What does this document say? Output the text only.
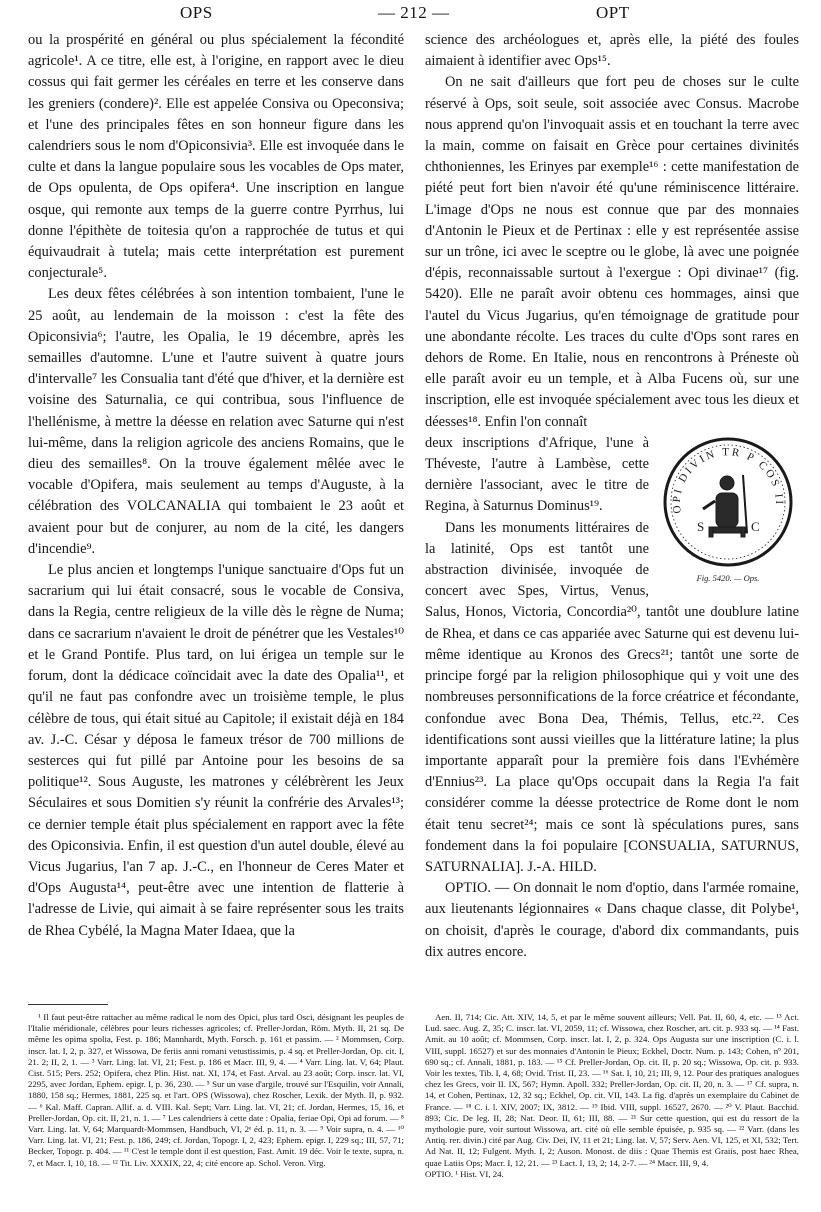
OPS	— 212 —	OPT

ou la prospérité en général ou plus spécialement la fécondité agricole¹. A ce titre, elle est, à l'origine, en rapport avec le dieu cossus qui fait germer les céréales en terre et les conserve dans les greniers (condere)². Elle est appelée Consiva ou Opeconsiva; et l'une des principales fêtes en son honneur figure dans les calendriers sous le nom d'Opiconsivia³. Elle est invoquée dans le culte et dans la langue populaire sous les vocables de Ops mater, de Ops opulenta, de Ops opifera⁴. Une inscription en langue osque, qui remonte aux temps de la guerre contre Pyrrhus, lui donne l'épithète de toitesia qu'on a rapprochée de tutus et qui équivaudrait à tutela; mais cette interprétation est purement conjecturale⁵.

Les deux fêtes célébrées à son intention tombaient, l'une le 25 août, au lendemain de la moisson : c'est la fête des Opiconsivia⁶; l'autre, les Opalia, le 19 décembre, après les semailles d'automne. L'une et l'autre suivent à quatre jours d'intervalle⁷ les Consualia tant d'été que d'hiver, et la dernière est voisine des Saturnalia, ce qui contribua, sous l'influence de l'hellénisme, à mettre la déesse en relation avec Saturne qui n'est lui-même, dans la religion agricole des anciens Romains, que le dieu des semailles⁸. On la trouve également mêlée avec le vocable d'Opifera, mais seulement au temps d'Auguste, à la célébration des VOLCANALIA qui tombaient le 23 août et avaient pour but de conjurer, au nom de la cité, les dangers d'incendie⁹.

Le plus ancien et longtemps l'unique sanctuaire d'Ops fut un sacrarium qui lui était consacré, sous le vocable de Consiva, dans la Regia, centre religieux de la ville dès le règne de Numa; dans ce sacrarium n'avaient le droit de pénétrer que les Vestales¹⁰ et le Grand Pontife. Plus tard, on lui érigea un temple sur le forum, dont la dédicace coïncidait avec la date des Opalia¹¹, et qu'il ne faut pas confondre avec un troisième temple, le plus célèbre de tous, qui était situé au Capitole; il existait déjà en 184 av. J.-C. César y déposa le fameux trésor de 700 millions de sesterces qui fut pillé par Antoine pour les besoins de sa politique¹². Sous Auguste, les matrones y célébrèrent les Jeux Séculaires et sous Domitien s'y réunit la confrérie des Arvales¹³; ce dernier temple était plus spécialement en rapport avec la fête des Opiconsivia. Enfin, il est question d'un autel double, élevé au Vicus Jugarius, l'an 7 ap. J.-C., en l'honneur de Ceres Mater et d'Ops Augusta¹⁴, peut-être avec une intention de flatterie à l'adresse de Livie, qui aimait à se faire représenter sous les traits de Rhea Cybélé, la Magna Mater Idaea, que la

science des archéologues et, après elle, la piété des foules aimaient à identifier avec Ops¹⁵.

On ne sait d'ailleurs que fort peu de choses sur le culte réservé à Ops, soit seule, soit associée avec Consus. Macrobe nous apprend qu'on l'invoquait assis et en touchant la terre avec la main, comme on faisait en Grèce pour certaines divinités chthoniennes, les Erinyes par exemple¹⁶ : cette manifestation de piété peut fort bien n'avoir été qu'une réminiscence littéraire. L'image d'Ops ne nous est connue que par des monnaies d'Antonin le Pieux et de Pertinax : elle y est représentée assise sur un trône, ici avec le sceptre ou le globe, là avec une poignée d'épis, reconnaissable surtout à l'exergue : Opi divinae¹⁷ (fig. 5420). Elle ne paraît avoir obtenu ces hommages, ainsi que l'autel du Vicus Jugarius, qu'en témoignage de gratitude pour une abondante récolte. Les traces du culte d'Ops sont rares en dehors de Rome. En Italie, nous en rencontrons à Préneste où elle paraît avoir eu un temple, et à Alba Fucens où, sur une inscription, elle est invoquée spécialement avec tous les dieux et déesses¹⁸. Enfin l'on connaît

OPI DIVIN TR P COS II
S	C
Fig. 5420. — Ops.

deux inscriptions d'Afrique, l'une à Théveste, l'autre à Lambèse, cette dernière l'associant, avec le titre de Regina, à Saturnus Dominus¹⁹.

Dans les monuments littéraires de la latinité, Ops est tantôt une abstraction divinisée, invoquée de concert avec Spes, Virtus, Venus, Salus, Honos, Victoria, Concordia²⁰, tantôt une doublure latine de Rhea, et dans ce cas appariée avec Saturne qui est devenu lui-même identique au Kronos des Grecs²¹; tantôt une sorte de principe forgé par la religion philosophique qui y voit une des nombreuses personnifications de la force créatrice et fécondante, confondue avec Bona Dea, Thémis, Tellus, etc.²². Ces identifications sont aussi vieilles que la littérature latine; la plus importante apparaît pour la première fois dans l'Evhémère d'Ennius²³. La place qu'Ops occupait dans la Regia l'a fait considérer comme la déesse protectrice de Rome dont le nom était tenu secret²⁴; mais ce sont là spéculations pures, sans fondement dans la foi populaire [CONSUALIA, SATURNUS, SATURNALIA]. J.-A. HILD.

OPTIO. — On donnait le nom d'optio, dans l'armée romaine, aux lieutenants légionnaires « Dans chaque classe, dit Polybe¹, on choisit, d'après le courage, d'abord dix commandants, puis dix autres encore.

¹ Il faut peut-être rattacher au même radical le nom des Opici, plus tard Osci, désignant les peuples de l'Italie méridionale, célèbres pour leurs richesses agricoles; cf. Preller-Jordan, Röm. Myth. II, 21 sq. De même les opima spolia, Fest. p. 186; Mannhardt, Myth. Forsch. p. 161 et passim. — ² Mommsen, Corp. inscr. lat. I, 2, p. 327, et Wissowa, De feriis anni romani vetustissimis, p. 4 sq. et Preller-Jordan, Op. cit. I, 21. 2; II, 2, 1. — ³ Varr. Ling. lat. VI, 21; Fest. p. 186 et Macr. III, 9, 4. — ⁴ Varr. Ling. lat. V, 64; Plaut. Cist. 515; Pers. 252; Opifera, chez Plin. Hist. nat. XI, 174, et Fast. Arval. au 23 août; Corp. inscr. lat. VI, 2295, avec Jordan, Ephem. epigr. I, p. 36, 230. — ⁵ Sur un vase d'argile, trouvé sur l'Esquilin, voir Annali, 1880, 158 sq.; Hermes, 1881, 225 sq. et l'art. OPS (Wissowa), chez Roscher, Lexik. der Myth. II, p. 932. — ⁶ Kal. Maff. Capran. Allif. a. d. VIII. Kal. Sept; Varr. Ling. lat. VI, 21; cf. Jordan, Hermes, 15, 16, et Preller-Jordan, Op. cit. II, 21, n. 1. — ⁷ Les calendriers à cette date : Opalia, feriae Opi, Opi ad forum. — ⁸ Varr. Ling. lat. V, 64; Marquardt-Mommsen, Handbuch, VI, 2ᵉ éd. p. 11, n. 3. — ⁹ Voir supra, n. 4. — ¹⁰ Varr. Ling. lat. VI, 21; Fest. p. 186, 249; cf. Jordan, Topogr. I, 2, 423; Ephem. epigr. I, 229 sq.; III, 57, 71; Becker, Topogr. p. 404. — ¹¹ C'est le temple dont il est question, Fast. Amit. 19 déc. Voir le texte, supra, n. 7, et Macr. I, 10, 18. — ¹² Tit. Liv. XXXIX, 22, 4; cité encore ap. Schol. Veron. Virg.

Aen. II, 714; Cic. Att. XIV, 14, 5, et par le même souvent ailleurs; Vell. Pat. II, 60, 4, etc. — ¹³ Act. Lud. saec. Aug. Z, 35; C. inscr. lat. VI, 2059, 11; cf. Wissowa, chez Roscher, art. cit. p. 933 sq. — ¹⁴ Fast. Amit. au 10 août; cf. Mommsen, Corp. inscr. lat. I, 2, p. 324. Ops Augusta sur une inscription (C. i. l. VIII, suppl. 16527) et sur des monnaies d'Antonin le Pieux; Eckhel, Doctr. Num. p. 143; Cohen, nº 201, 690 sq.; cf. Annali, 1881, p. 183. — ¹⁵ Cf. Preller-Jordan, Op. cit. II, p. 20 sq.; Wissowa, Op. cit. p. 933. Voir les textes, Tib. I, 4, 68; Ovid. Trist. II, 23. — ¹⁶ Sat. I, 10, 21; III, 9, 12. Pour des pratiques analogues chez les Grecs, voir II. IX, 567; Hymn. Apoll. 332; Preller-Jordan, Op. cit. II, 20, n. 3. — ¹⁷ Cf. supra, n. 14, et Cohen, Pertinax, 12, 32 sq.; Eckhel, Op. cit. VII, 143. La fig. d'après un exemplaire du Cabinet de France. — ¹⁸ C. i. l. XIV, 2007; IX, 3812. — ¹⁹ Ibid. VIII, suppl. 16527, 2670. — ²⁰ V. Plaut. Bacchid. 893; Cic. De leg. II, 28; Nat. Deor. II, 61; III, 88. — ²¹ Sur cette question, qui est du ressort de la mythologie pure, voir surtout Wissowa, art. cité où elle semble épuisée, p. 935 sq. — ²² Varr. (dans les Antiq. rer. divin.) cité par Aug. Civ. Dei, IV, 11 et 21; Ling. lat. V, 57; Serv. Aen. VI, 125, et XI, 532; Tert. Ad Nat. II, 12; Fulgent. Myth. I, 2; Auson. Monost. de diis : Quae Themis est Graiis, post haec Rhea, quae Latiis Ops; Macr. I, 12, 21. — ²³ Lact. I, 13, 2; 14, 2-7. — ²⁴ Macr. III, 9, 4.
OPTIO. ¹ Hist. VI, 24.
